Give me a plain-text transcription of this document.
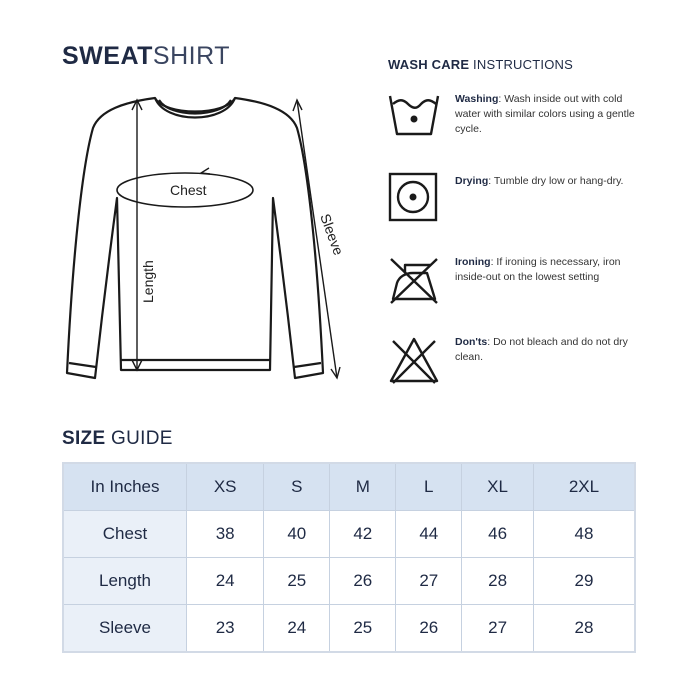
SWEATSHIRT
Chest
Length
Sleeve
WASH CARE INSTRUCTIONS
Washing: Wash inside out with cold water with similar colors using a gentle cycle.
Drying: Tumble dry low or hang-dry.
Ironing: If ironing is necessary, iron inside-out on the lowest setting
Don'ts: Do not bleach and do not dry clean.
SIZE GUIDE
In Inches	XS	S	M	L	XL	2XL
Chest	38	40	42	44	46	48
Length	24	25	26	27	28	29
Sleeve	23	24	25	26	27	28
